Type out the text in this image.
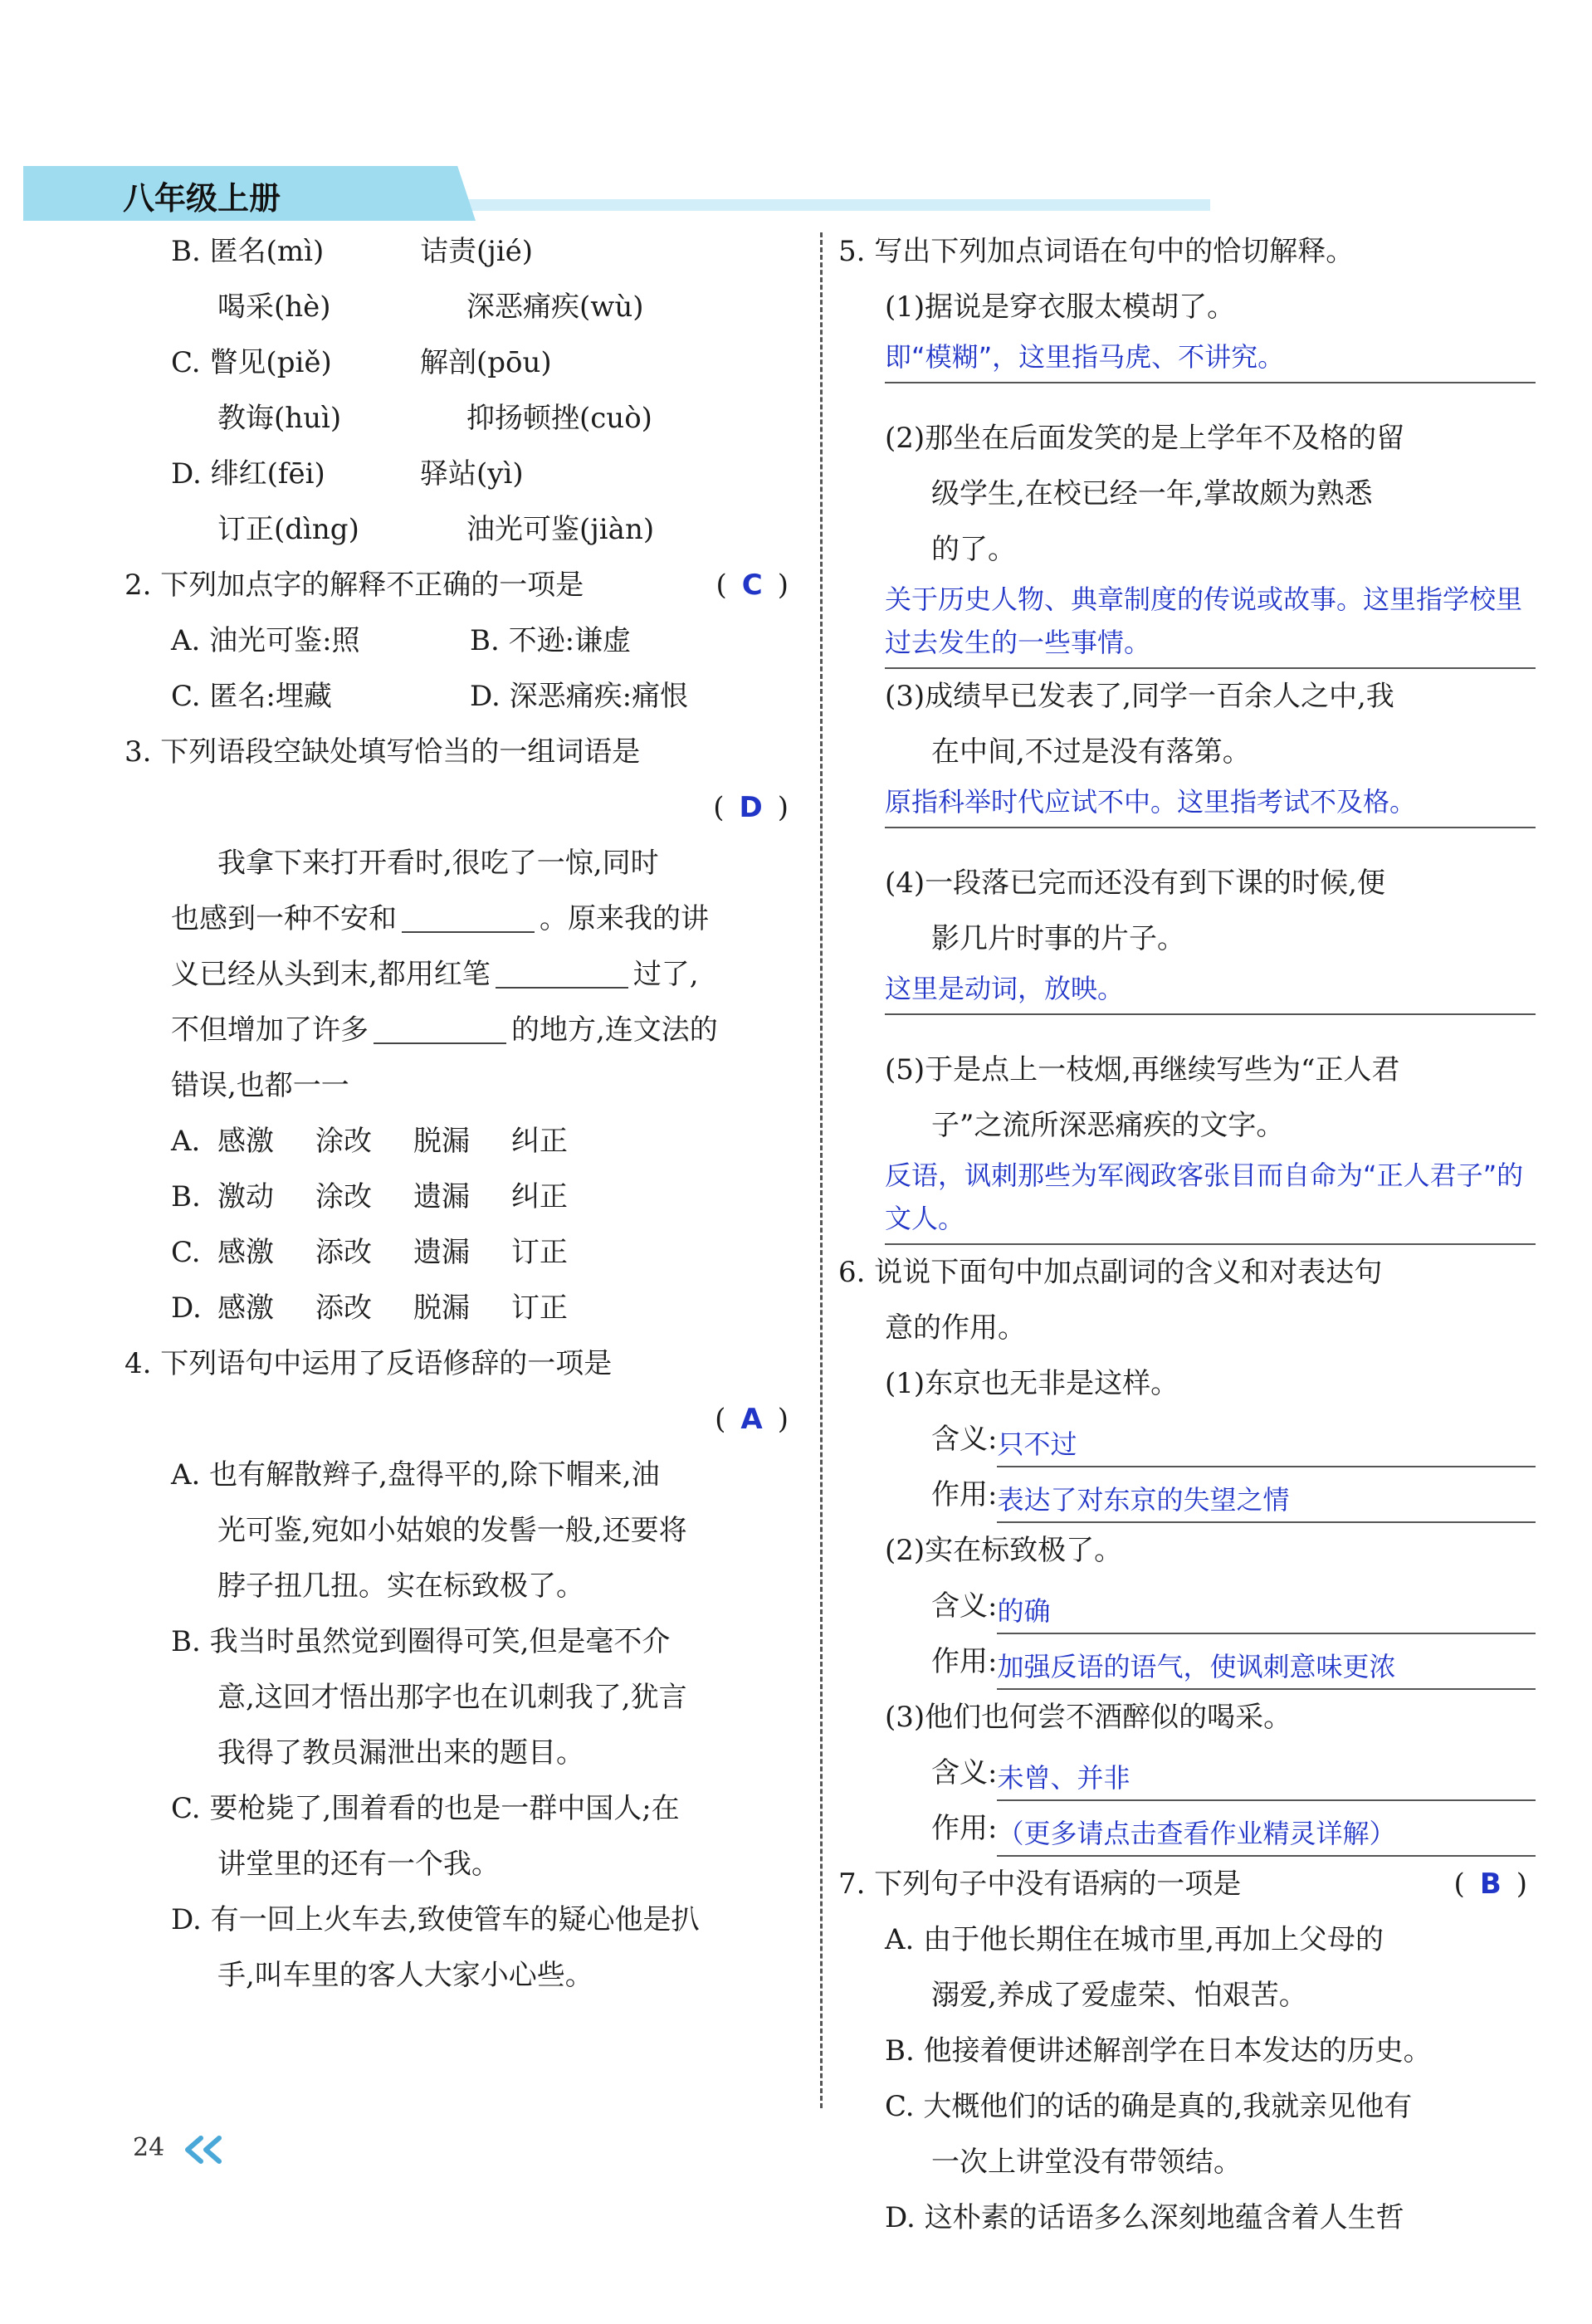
八年级上册
B. 匿名(mì)	诘责(jié)
喝采(hè)	深恶痛疾(wù)
C. 瞥见(piě)	解剖(pōu)
教诲(huì)	抑扬顿挫(cuò)
D. 绯红(fēi)	驿站(yì)
订正(dìng)	油光可鉴(jiàn)
2. 下列加点字的解释不正确的一项是	( C )
A. 油光可鉴:照	B. 不逊:谦虚
C. 匿名:埋藏	D. 深恶痛疾:痛恨
3. 下列语段空缺处填写恰当的一组词语是
( D )
我拿下来打开看时,很吃了一惊,同时
也感到一种不安和	。原来我的讲
义已经从头到末,都用红笔	过了,
不但增加了许多	的地方,连文法的
错误,也都一一
A. 感激 涂改 脱漏 纠正
B. 激动 涂改 遗漏 纠正
C. 感激 添改 遗漏 订正
D. 感激 添改 脱漏 订正
4. 下列语句中运用了反语修辞的一项是
( A )
A. 也有解散辫子,盘得平的,除下帽来,油
光可鉴,宛如小姑娘的发髻一般,还要将
脖子扭几扭。实在标致极了。
B. 我当时虽然觉到圈得可笑,但是毫不介
意,这回才悟出那字也在讥刺我了,犹言
我得了教员漏泄出来的题目。
C. 要枪毙了,围着看的也是一群中国人;在
讲堂里的还有一个我。
D. 有一回上火车去,致使管车的疑心他是扒
手,叫车里的客人大家小心些。
5. 写出下列加点词语在句中的恰切解释。
(1)据说是穿衣服太模胡了。
即“模糊”，这里指马虎、不讲究。
(2)那坐在后面发笑的是上学年不及格的留
级学生,在校已经一年,掌故颇为熟悉
的了。
关于历史人物、典章制度的传说或故事。这里指学校里过去发生的一些事情。
(3)成绩早已发表了,同学一百余人之中,我
在中间,不过是没有落第。
原指科举时代应试不中。这里指考试不及格。
(4)一段落已完而还没有到下课的时候,便
影几片时事的片子。
这里是动词，放映。
(5)于是点上一枝烟,再继续写些为“正人君
子”之流所深恶痛疾的文字。
反语，讽刺那些为军阀政客张目而自命为“正人君子”的文人。
6. 说说下面句中加点副词的含义和对表达句
意的作用。
(1)东京也无非是这样。
含义: 只不过
作用: 表达了对东京的失望之情
(2)实在标致极了。
含义: 的确
作用: 加强反语的语气，使讽刺意味更浓
(3)他们也何尝不酒醉似的喝采。
含义: 未曾、并非
作用: （更多请点击查看作业精灵详解）
7. 下列句子中没有语病的一项是	( B )
A. 由于他长期住在城市里,再加上父母的
溺爱,养成了爱虚荣、怕艰苦。
B. 他接着便讲述解剖学在日本发达的历史。
C. 大概他们的话的确是真的,我就亲见他有
一次上讲堂没有带领结。
D. 这朴素的话语多么深刻地蕴含着人生哲
24
